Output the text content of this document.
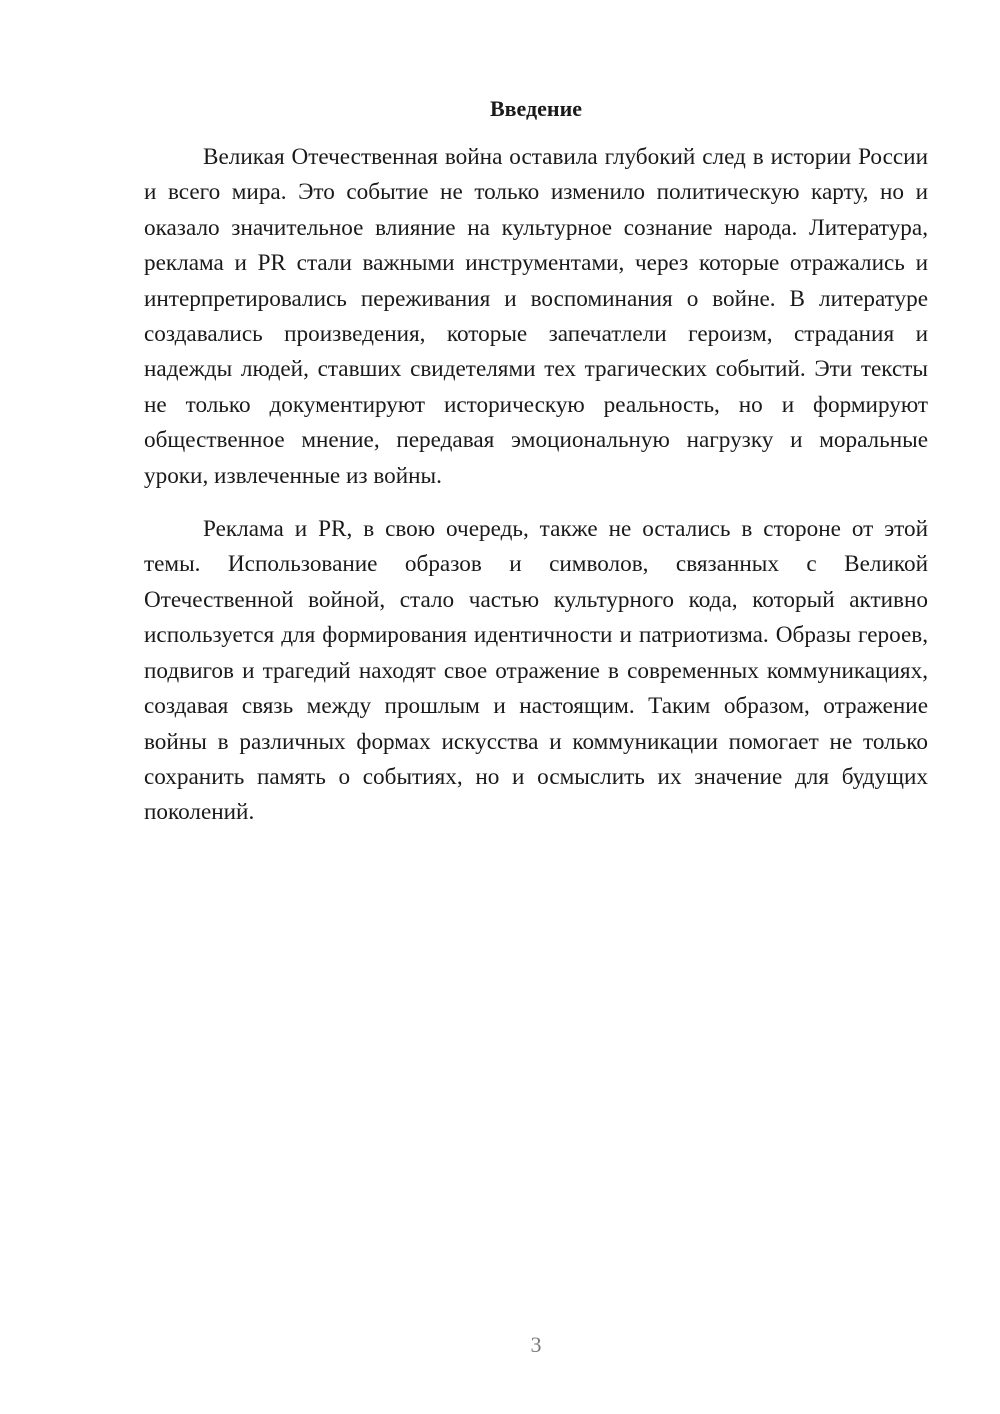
Введение

Великая Отечественная война оставила глубокий след в истории России и всего мира. Это событие не только изменило политическую карту, но и оказало значительное влияние на культурное сознание народа. Литература, реклама и PR стали важными инструментами, через которые отражались и интерпретировались переживания и воспоминания о войне. В литературе создавались произведения, которые запечатлели героизм, страдания и надежды людей, ставших свидетелями тех трагических событий. Эти тексты не только документируют историческую реальность, но и формируют общественное мнение, передавая эмоциональную нагрузку и моральные уроки, извлеченные из войны.

Реклама и PR, в свою очередь, также не остались в стороне от этой темы. Использование образов и символов, связанных с Великой Отечественной войной, стало частью культурного кода, который активно используется для формирования идентичности и патриотизма. Образы героев, подвигов и трагедий находят свое отражение в современных коммуникациях, создавая связь между прошлым и настоящим. Таким образом, отражение войны в различных формах искусства и коммуникации помогает не только сохранить память о событиях, но и осмыслить их значение для будущих поколений.

3
